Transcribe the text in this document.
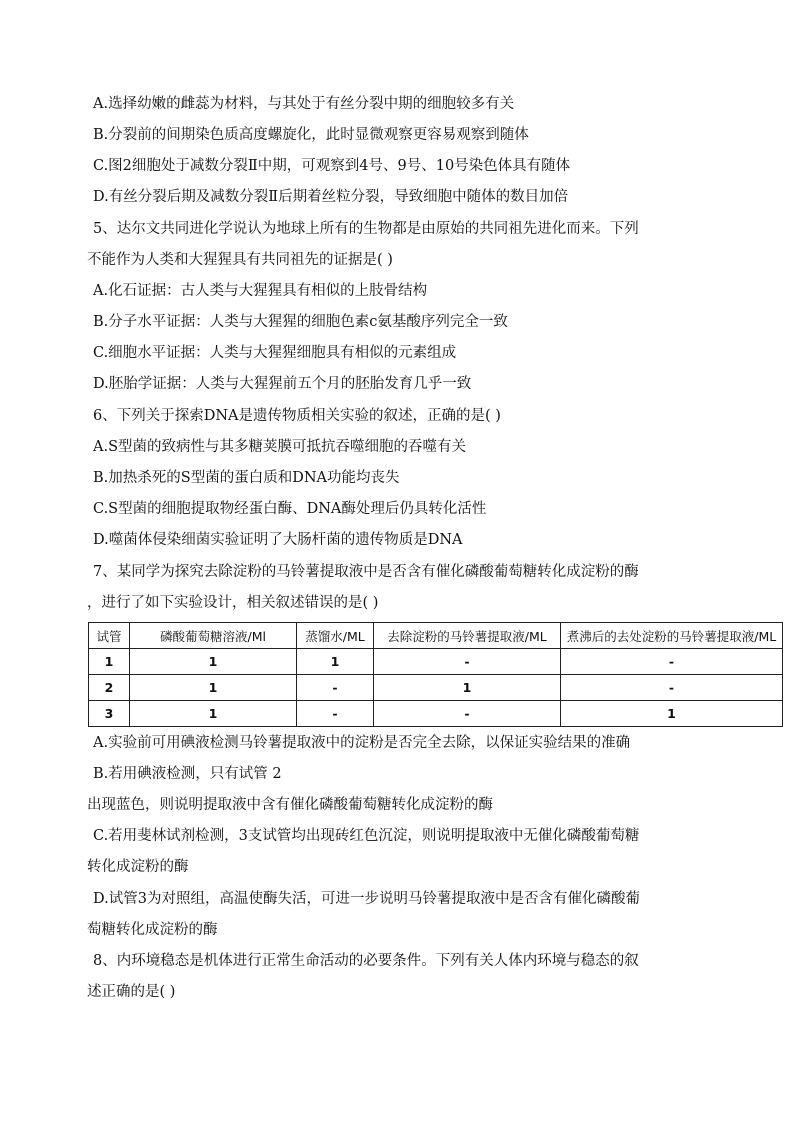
A.选择幼嫩的雌蕊为材料，与其处于有丝分裂中期的细胞较多有关
B.分裂前的间期染色质高度螺旋化，此时显微观察更容易观察到随体
C.图2细胞处于减数分裂Ⅱ中期，可观察到4号、9号、10号染色体具有随体
D.有丝分裂后期及减数分裂Ⅱ后期着丝粒分裂，导致细胞中随体的数目加倍
5、达尔文共同进化学说认为地球上所有的生物都是由原始的共同祖先进化而来。下列
不能作为人类和大猩猩具有共同祖先的证据是( )
A.化石证据：古人类与大猩猩具有相似的上肢骨结构
B.分子水平证据：人类与大猩猩的细胞色素c氨基酸序列完全一致
C.细胞水平证据：人类与大猩猩细胞具有相似的元素组成
D.胚胎学证据：人类与大猩猩前五个月的胚胎发育几乎一致
6、下列关于探索DNA是遗传物质相关实验的叙述，正确的是( )
A.S型菌的致病性与其多糖荚膜可抵抗吞噬细胞的吞噬有关
B.加热杀死的S型菌的蛋白质和DNA功能均丧失
C.S型菌的细胞提取物经蛋白酶、DNA酶处理后仍具转化活性
D.噬菌体侵染细菌实验证明了大肠杆菌的遗传物质是DNA
7、某同学为探究去除淀粉的马铃薯提取液中是否含有催化磷酸葡萄糖转化成淀粉的酶
，进行了如下实验设计，相关叙述错误的是( )
试管	磷酸葡萄糖溶液/Ml	蒸馏水/ML	去除淀粉的马铃薯提取液/ML	煮沸后的去处淀粉的马铃薯提取液/ML
1	1	1	-	-
2	1	-	1	-
3	1	-	-	1
A.实验前可用碘液检测马铃薯提取液中的淀粉是否完全去除，以保证实验结果的准确
B.若用碘液检测，只有试管 2
出现蓝色，则说明提取液中含有催化磷酸葡萄糖转化成淀粉的酶
C.若用斐林试剂检测，3支试管均出现砖红色沉淀，则说明提取液中无催化磷酸葡萄糖
转化成淀粉的酶
D.试管3为对照组，高温使酶失活，可进一步说明马铃薯提取液中是否含有催化磷酸葡
萄糖转化成淀粉的酶
8、内环境稳态是机体进行正常生命活动的必要条件。下列有关人体内环境与稳态的叙
述正确的是( )
